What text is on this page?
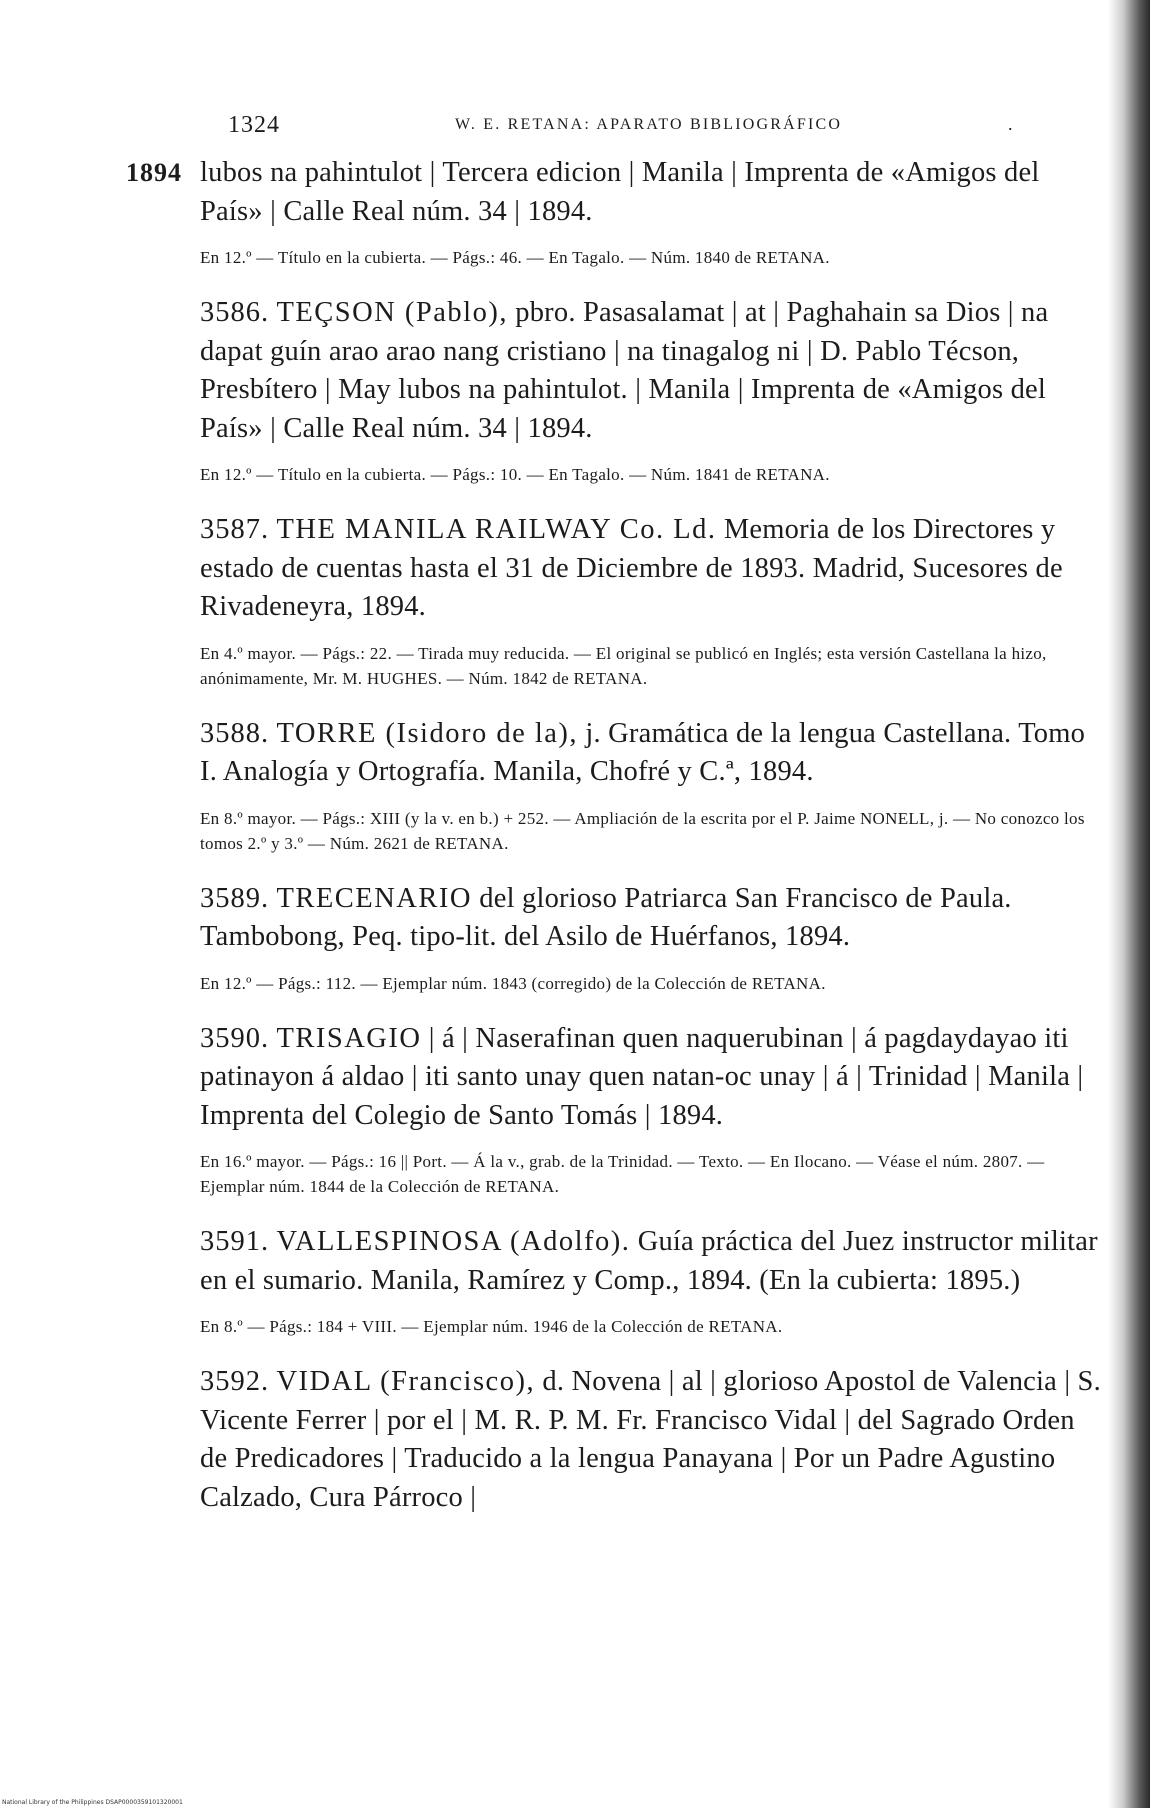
1324	W. E. RETANA: APARATO BIBLIOGRÁFICO	.
1894 lubos na pahintulot | Tercera edicion | Manila | Imprenta de «Amigos del País» | Calle Real núm. 34 | 1894.

En 12.º — Título en la cubierta. — Págs.: 46. — En Tagalo. — Núm. 1840 de RETANA.

3586. TEÇSON (Pablo), pbro. Pasasalamat | at | Paghahain sa Dios | na dapat guín arao arao nang cristiano | na tinagalog ni | D. Pablo Técson, Presbítero | May lubos na pahintulot. | Manila | Imprenta de «Amigos del País» | Calle Real núm. 34 | 1894.

En 12.º — Título en la cubierta. — Págs.: 10. — En Tagalo. — Núm. 1841 de RETANA.

3587. THE MANILA RAILWAY Co. Ld. Memoria de los Directores y estado de cuentas hasta el 31 de Diciembre de 1893. Madrid, Sucesores de Rivadeneyra, 1894.

En 4.º mayor. — Págs.: 22. — Tirada muy reducida. — El original se publicó en Inglés; esta versión Castellana la hizo, anónimamente, Mr. M. HUGHES. — Núm. 1842 de RETANA.

3588. TORRE (Isidoro de la), j. Gramática de la lengua Castellana. Tomo I. Analogía y Ortografía. Manila, Chofré y C.ª, 1894.

En 8.º mayor. — Págs.: XIII (y la v. en b.) + 252. — Ampliación de la escrita por el P. Jaime NONELL, j. — No conozco los tomos 2.º y 3.º — Núm. 2621 de RETANA.

3589. TRECENARIO del glorioso Patriarca San Francisco de Paula. Tambobong, Peq. tipo-lit. del Asilo de Huérfanos, 1894.

En 12.º — Págs.: 112. — Ejemplar núm. 1843 (corregido) de la Colección de RETANA.

3590. TRISAGIO | á | Naserafinan quen naquerubinan | á pagdaydayao iti patinayon á aldao | iti santo unay quen natan-oc unay | á | Trinidad | Manila | Imprenta del Colegio de Santo Tomás | 1894.

En 16.º mayor. — Págs.: 16 || Port. — Á la v., grab. de la Trinidad. — Texto. — En Ilocano. — Véase el núm. 2807. — Ejemplar núm. 1844 de la Colección de RETANA.

3591. VALLESPINOSA (Adolfo). Guía práctica del Juez instructor militar en el sumario. Manila, Ramírez y Comp., 1894. (En la cubierta: 1895.)

En 8.º — Págs.: 184 + VIII. — Ejemplar núm. 1946 de la Colección de RETANA.

3592. VIDAL (Francisco), d. Novena | al | glorioso Apostol de Valencia | S. Vicente Ferrer | por el | M. R. P. M. Fr. Francisco Vidal | del Sagrado Orden de Predicadores | Traducido a la lengua Panayana | Por un Padre Agustino Calzado, Cura Párroco |

National Library of the Philippines DSAP0000359101320001
